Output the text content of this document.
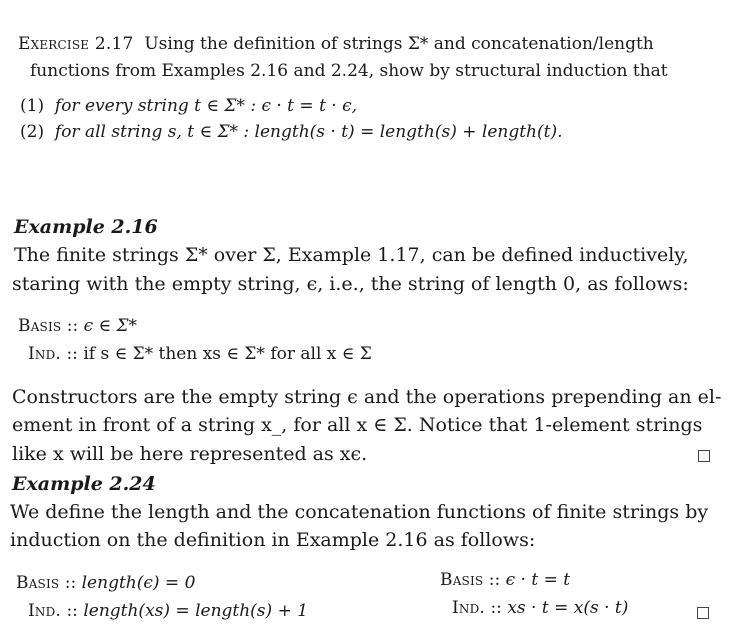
Exercise 2.17 Using the definition of strings Σ* and concatenation/length
functions from Examples 2.16 and 2.24, show by structural induction that
(1) for every string t ∈ Σ* : ϵ · t = t · ϵ,
(2) for all string s, t ∈ Σ* : length(s · t) = length(s) + length(t).
Example 2.16
The finite strings Σ* over Σ, Example 1.17, can be defined inductively,
staring with the empty string, ϵ, i.e., the string of length 0, as follows:
Basis :: ϵ ∈ Σ*
Ind. :: if s ∈ Σ* then xs ∈ Σ* for all x ∈ Σ
Constructors are the empty string ϵ and the operations prepending an el-
ement in front of a string x_, for all x ∈ Σ. Notice that 1-element strings
like x will be here represented as xϵ.
Example 2.24
We define the length and the concatenation functions of finite strings by
induction on the definition in Example 2.16 as follows:
Basis :: length(ϵ) = 0
Ind. :: length(xs) = length(s) + 1
Basis :: ϵ · t = t
Ind. :: xs · t = x(s · t)
